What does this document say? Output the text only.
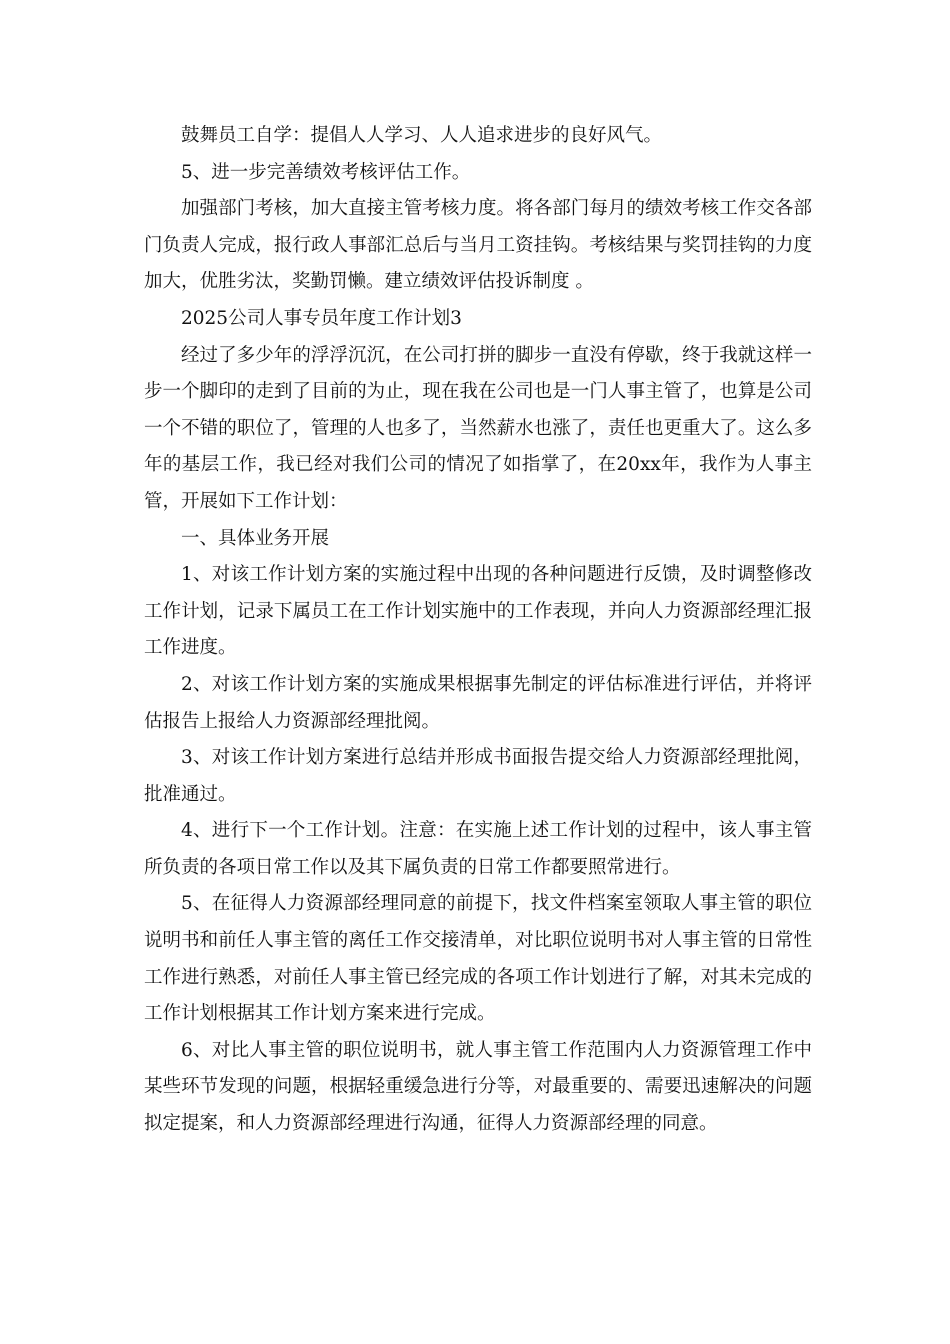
鼓舞员工自学：提倡人人学习、人人追求进步的良好风气。

5、进一步完善绩效考核评估工作。

加强部门考核，加大直接主管考核力度。将各部门每月的绩效考核工作交各部门负责人完成，报行政人事部汇总后与当月工资挂钩。考核结果与奖罚挂钩的力度加大，优胜劣汰，奖勤罚懒。建立绩效评估投诉制度 。

2025公司人事专员年度工作计划3

经过了多少年的浮浮沉沉，在公司打拼的脚步一直没有停歇，终于我就这样一步一个脚印的走到了目前的为止，现在我在公司也是一门人事主管了，也算是公司一个不错的职位了，管理的人也多了，当然薪水也涨了，责任也更重大了。这么多年的基层工作，我已经对我们公司的情况了如指掌了，在20xx年，我作为人事主管，开展如下工作计划：

一、具体业务开展

1、对该工作计划方案的实施过程中出现的各种问题进行反馈，及时调整修改工作计划，记录下属员工在工作计划实施中的工作表现，并向人力资源部经理汇报工作进度。

2、对该工作计划方案的实施成果根据事先制定的评估标准进行评估，并将评估报告上报给人力资源部经理批阅。

3、对该工作计划方案进行总结并形成书面报告提交给人力资源部经理批阅，批准通过。

4、进行下一个工作计划。注意：在实施上述工作计划的过程中，该人事主管所负责的各项日常工作以及其下属负责的日常工作都要照常进行。

5、在征得人力资源部经理同意的前提下，找文件档案室领取人事主管的职位说明书和前任人事主管的离任工作交接清单，对比职位说明书对人事主管的日常性工作进行熟悉，对前任人事主管已经完成的各项工作计划进行了解，对其未完成的工作计划根据其工作计划方案来进行完成。

6、对比人事主管的职位说明书，就人事主管工作范围内人力资源管理工作中某些环节发现的问题，根据轻重缓急进行分等，对最重要的、需要迅速解决的问题拟定提案，和人力资源部经理进行沟通，征得人力资源部经理的同意。
